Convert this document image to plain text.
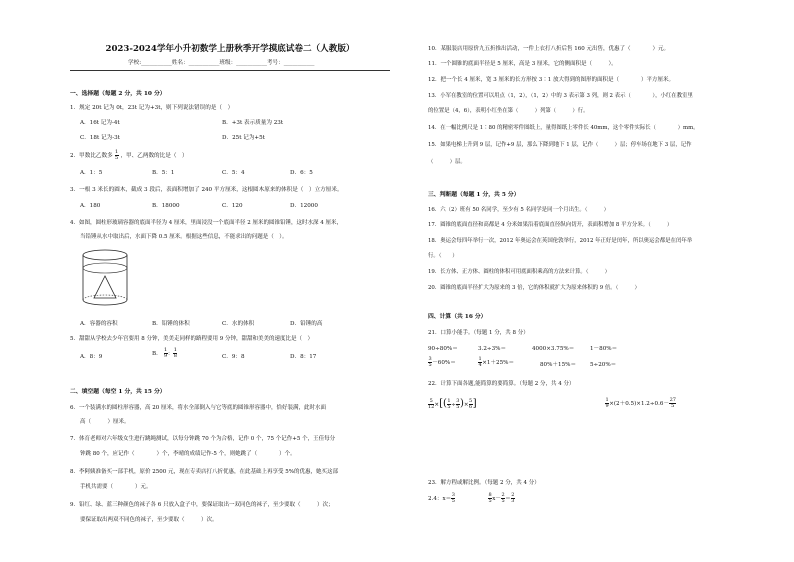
2023-2024学年小升初数学上册秋季开学摸底试卷二（人教版）
学校:___________姓名：___________班级：___________考号：___________
一、选择题（每题 2 分，共 10 分）
1．规定 20t 记为 0t，23t 记为+3t，则下列说法错误的是（　）
A．16t 记为-4t	B．+3t 表示质量为 23t
C．18t 记为-3t	D．25t 记为+5t
2．甲数比乙数多 $\frac{1}{5}$ ，甲、乙两数的比是（　）
A．1：5	B．5：1	C．5：4	D．6：5
3．一根 3 米长的圆木，截成 3 段后，表面积增加了 240 平方厘米，这根圆木原来的体积是（　）立方厘米。
A．180	B．18000	C．120	D．12000
4．如图，圆柱形玻璃容器的底面半径为 4 厘米，里面浸没一个底面半径 2 厘米的圆锥铅锤，这时水深 4 厘米，
当铅锤从水中取出后，水面下降 0.5 厘米。根据这些信息，不能求出的问题是（　）。
A．容器的容积	B．铅锤的体积	C．水的体积	D．铅锤的高
5．甜甜从学校去少年宫要用 8 分钟，美美走同样的路程要用 9 分钟，甜甜和美美的速度比是（　）
A．8：9	B． $\frac{1}{9}$ ： $\frac{1}{8}$	C．9：8	D．8：17
二、填空题（每空 1 分，共 15 分）
6．一个装满水的圆柱形容器，高 20 厘米，将水全部倒入与它等底的圆锥形容器中，恰好装满，此时水面
高（　　　）厘米。
7．体育老师对六年级女生进行跳绳测试，以每分钟跳 70 个为合格，记作 0 个，75 个记作+5 个，王佳每分
钟跳 80 个，应记作（　　　　）个，李晴的成绩记作-5 个，则她跳了（　　　　）个。
8．李阿姨准备买一部手机，原价 2500 元，现在专卖店打八折优惠，在此基础上再享受 5%的优惠，她买这部
手机共需要（　　　　）元。
9．铅红、绿、蓝三种颜色的袜子各 6 只放入盒子中，要保证取出一双同色的袜子，至少要取（　　　）次；
要保证取出两双不同色的袜子，至少要取（　　　）次。
10．某服装店用原价九五折推出活动，一件上衣打八折后售 160 元出售，优惠了（　　　　）元。
11．一个圆锥的底面半径是 5 厘米，高是 3 厘米，它的侧面积是（　　　）。
12．把一个长 4 厘米，宽 3 厘米的长方形按 3∶1 放大得到的图形的面积是（　　　　）平方厘米。
13．小军在教室的位置可以用点（1，2），（1，2）中的 3 表示第 3 列，则 2 表示（　　　　），小红在教室里
的位置是（4，6），表明小红坐在第（　　　）列第（　　　）行。
14．在一幅比例尺是 1∶80 的精密零件图纸上，量得图纸上零件长 40mm，这个零件实际长（　　　　）mm。
15．如果电梯上升到 9 层，记作+9 层，那么下降到地下 1 层，记作（　　　）层；停车场在地下 3 层，记作
（　　　）层。
三、判断题（每题 1 分，共 5 分）
16．六（2）班有 50 名同学，至少有 5 名同学是同一个月出生。（　　　）
17．圆锥的底面直径和高都是 4 分米如果沿着底面直径纵向切开，表面积增加 8 平方分米。（　　　）
18．奥运会每四年举行一次，2012 年奥运会在英国伦敦举行，2012 年正好是闰年，所以奥运会都是在闰年举
行。（　　）
19．长方体、正方体、圆柱的体积可用底面积乘高的方法来计算。（　　　）
20．圆锥的底面半径扩大为原来的 3 倍，它的体积就扩大为原来体积的 9 倍。（　　　）
四、计算（共 16 分）
21．口算小能手。（每题 1 分，共 8 分）
90÷80%＝	3.2÷3%＝	4000×3.75%＝	1－80%＝
$\frac{3}{5} -60\%=$	$\frac{1}{4} \times 1+25\%=$	80%＋15%＝ 5÷20%＝
22．计算下面各题,能简算的要简算。（每题 2 分，共 4 分）
$\frac{5}{12}$ ×[( $\frac{1}{5} \div \frac{3}{5}$ )× $\frac{5}{6}$ ]	$\frac{1}{9} \times(2+0.5)\times 1.2\div 0.6- \frac{27}{5}$
23．解方程或解比例。（每题 2 分，共 4 分）
2.4：$x= \frac{3}{5}$	$\frac{8}{5} x- \frac{2}{5} = \frac{2}{3}$
